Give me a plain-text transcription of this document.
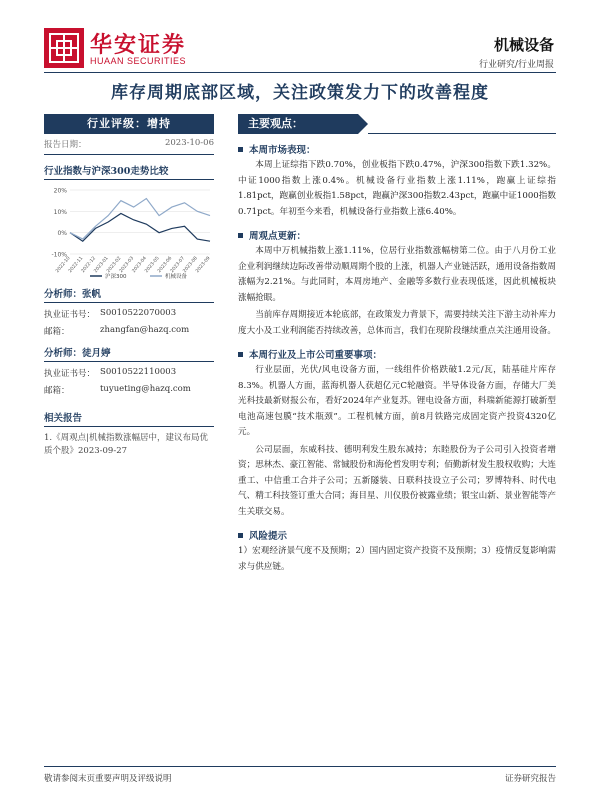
华安证券
HUAAN SECURITIES
机械设备
行业研究/行业周报
库存周期底部区域，关注政策发力下的改善程度
行业评级：增持
报告日期：	2023-10-06
行业指数与沪深300走势比较
20%
10%
0%
-10%
2022-10
2022-11
2022-12
2023-01
2023-02
2023-03
2023-04
2023-05
2023-06
2023-07
2023-08
2023-09
沪深300	机械设备
分析师：张帆
执业证书号： S0010522070003
邮箱：	zhangfan@hazq.com
分析师：徒月婷
执业证书号： S0010522110003
邮箱：	tuyueting@hazq.com
相关报告
1.《周观点|机械指数涨幅居中，建议布局优质个股》2023-09-27
主要观点：
本周市场表现：
本周上证综指下跌0.70%，创业板指下跌0.47%，沪深300指数下跌1.32%。中证1000指数上涨0.4%。机械设备行业指数上涨1.11%，跑赢上证综指1.81pct，跑赢创业板指1.58pct，跑赢沪深300指数2.43pct，跑赢中证1000指数0.71pct。年初至今来看，机械设备行业指数上涨6.40%。
周观点更新：
本周中万机械指数上涨1.11%，位居行业指数涨幅榜第二位。由于八月份工业企业利润继续边际改善带动顺周期个股的上涨，机器人产业链活跃，通用设备指数周涨幅为2.21%。与此同时，本周房地产、金融等多数行业表现低迷，因此机械板块涨幅抢眼。
当前库存周期接近本轮底部，在政策发力背景下，需要持续关注下游主动补库力度大小及工业利润能否持续改善，总体而言，我们在现阶段继续重点关注通用设备。
本周行业及上市公司重要事项：
行业层面，光伏/风电设备方面，一线组件价格跌破1.2元/瓦，陆基硅片库存8.3%。机器人方面，蓝海机器人获超亿元C轮融资。半导体设备方面，存储大厂美光科技最新财报公布，看好2024年产业复苏。锂电设备方面，科瑞新能源打破新型电池高速包膜“技术瓶颈”。工程机械方面，前8月铁路完成固定资产投资4320亿元。
公司层面，东威科技、德明利发生股东减持；东睦股份为子公司引入投资者增资；思林杰、豪江智能、常铖股份和海伦哲发明专利；佰勤新材发生股权收购；大连重工、中信重工合并子公司；五新隧装、日联科技设立子公司；罗博特科、时代电气、精工科技签订重大合同；海目星、川仪股份被露业绩；银宝山新、景业智能等产生关联交易。
风险提示
1）宏观经济景气度不及预期；2）国内固定资产投资不及预期；3）疫情反复影响需求与供应链。
敬请参阅末页重要声明及评级说明	证券研究报告
